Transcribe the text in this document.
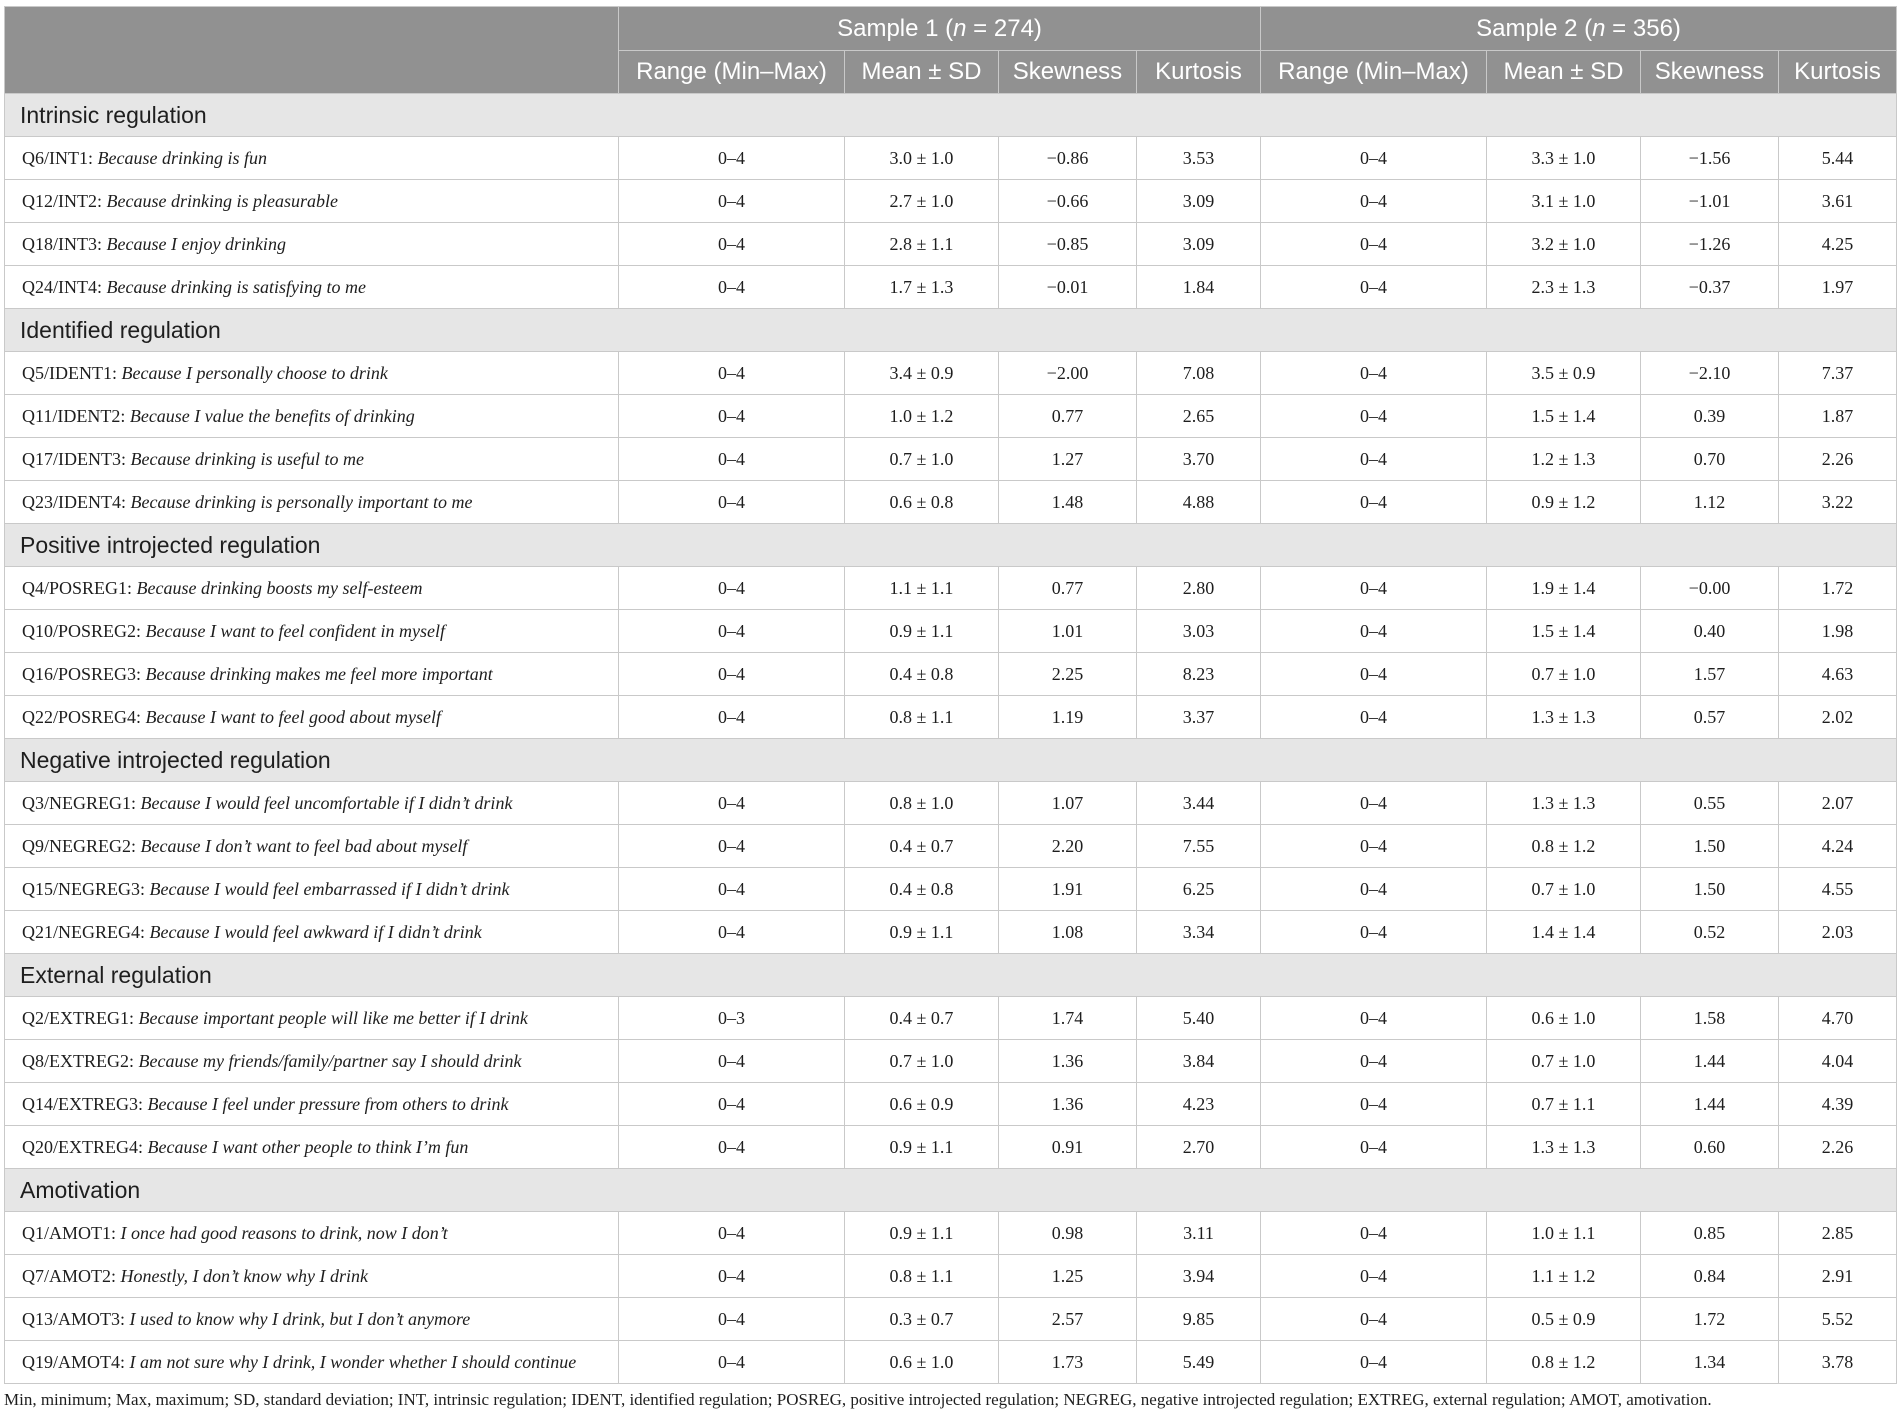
	Sample 1 (n = 274)				Sample 2 (n = 356)			
	Range (Min–Max)	Mean ± SD	Skewness	Kurtosis	Range (Min–Max)	Mean ± SD	Skewness	Kurtosis
Intrinsic regulation								
Q6/INT1: Because drinking is fun	0–4	3.0 ± 1.0	−0.86	3.53	0–4	3.3 ± 1.0	−1.56	5.44
Q12/INT2: Because drinking is pleasurable	0–4	2.7 ± 1.0	−0.66	3.09	0–4	3.1 ± 1.0	−1.01	3.61
Q18/INT3: Because I enjoy drinking	0–4	2.8 ± 1.1	−0.85	3.09	0–4	3.2 ± 1.0	−1.26	4.25
Q24/INT4: Because drinking is satisfying to me	0–4	1.7 ± 1.3	−0.01	1.84	0–4	2.3 ± 1.3	−0.37	1.97
Identified regulation								
Q5/IDENT1: Because I personally choose to drink	0–4	3.4 ± 0.9	−2.00	7.08	0–4	3.5 ± 0.9	−2.10	7.37
Q11/IDENT2: Because I value the benefits of drinking	0–4	1.0 ± 1.2	0.77	2.65	0–4	1.5 ± 1.4	0.39	1.87
Q17/IDENT3: Because drinking is useful to me	0–4	0.7 ± 1.0	1.27	3.70	0–4	1.2 ± 1.3	0.70	2.26
Q23/IDENT4: Because drinking is personally important to me	0–4	0.6 ± 0.8	1.48	4.88	0–4	0.9 ± 1.2	1.12	3.22
Positive introjected regulation								
Q4/POSREG1: Because drinking boosts my self-esteem	0–4	1.1 ± 1.1	0.77	2.80	0–4	1.9 ± 1.4	−0.00	1.72
Q10/POSREG2: Because I want to feel confident in myself	0–4	0.9 ± 1.1	1.01	3.03	0–4	1.5 ± 1.4	0.40	1.98
Q16/POSREG3: Because drinking makes me feel more important	0–4	0.4 ± 0.8	2.25	8.23	0–4	0.7 ± 1.0	1.57	4.63
Q22/POSREG4: Because I want to feel good about myself	0–4	0.8 ± 1.1	1.19	3.37	0–4	1.3 ± 1.3	0.57	2.02
Negative introjected regulation								
Q3/NEGREG1: Because I would feel uncomfortable if I didn’t drink	0–4	0.8 ± 1.0	1.07	3.44	0–4	1.3 ± 1.3	0.55	2.07
Q9/NEGREG2: Because I don’t want to feel bad about myself	0–4	0.4 ± 0.7	2.20	7.55	0–4	0.8 ± 1.2	1.50	4.24
Q15/NEGREG3: Because I would feel embarrassed if I didn’t drink	0–4	0.4 ± 0.8	1.91	6.25	0–4	0.7 ± 1.0	1.50	4.55
Q21/NEGREG4: Because I would feel awkward if I didn’t drink	0–4	0.9 ± 1.1	1.08	3.34	0–4	1.4 ± 1.4	0.52	2.03
External regulation								
Q2/EXTREG1: Because important people will like me better if I drink	0–3	0.4 ± 0.7	1.74	5.40	0–4	0.6 ± 1.0	1.58	4.70
Q8/EXTREG2: Because my friends/family/partner say I should drink	0–4	0.7 ± 1.0	1.36	3.84	0–4	0.7 ± 1.0	1.44	4.04
Q14/EXTREG3: Because I feel under pressure from others to drink	0–4	0.6 ± 0.9	1.36	4.23	0–4	0.7 ± 1.1	1.44	4.39
Q20/EXTREG4: Because I want other people to think I’m fun	0–4	0.9 ± 1.1	0.91	2.70	0–4	1.3 ± 1.3	0.60	2.26
Amotivation								
Q1/AMOT1: I once had good reasons to drink, now I don’t	0–4	0.9 ± 1.1	0.98	3.11	0–4	1.0 ± 1.1	0.85	2.85
Q7/AMOT2: Honestly, I don’t know why I drink	0–4	0.8 ± 1.1	1.25	3.94	0–4	1.1 ± 1.2	0.84	2.91
Q13/AMOT3: I used to know why I drink, but I don’t anymore	0–4	0.3 ± 0.7	2.57	9.85	0–4	0.5 ± 0.9	1.72	5.52
Q19/AMOT4: I am not sure why I drink, I wonder whether I should continue	0–4	0.6 ± 1.0	1.73	5.49	0–4	0.8 ± 1.2	1.34	3.78
Min, minimum; Max, maximum; SD, standard deviation; INT, intrinsic regulation; IDENT, identified regulation; POSREG, positive introjected regulation; NEGREG, negative introjected regulation; EXTREG, external regulation; AMOT, amotivation.
